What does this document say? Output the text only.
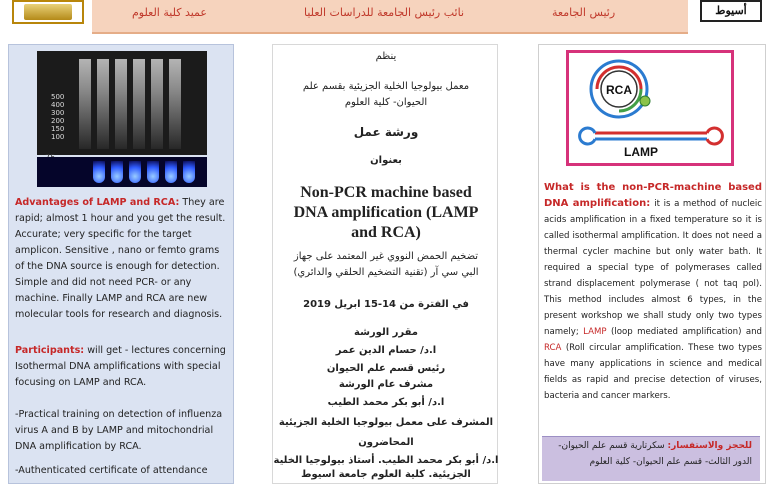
عميد كلية العلوم	نائب رئيس الجامعة للدراسات العليا	رئيس الجامعة	أسيوط
500
400
300
200
150
100
Advantages of LAMP and RCA: They are
rapid; almost 1 hour and you get the result.
Accurate; very specific for the target
amplicon. Sensitive , nano or femto grams
of the DNA source is enough for detection.
Simple and did not need PCR- or any
machine. Finally LAMP and RCA are new
molecular tools for research and diagnosis.
Participants: will get - lectures concerning
Isothermal DNA amplifications with special
focusing on LAMP and RCA.
-Practical training on detection of influenza
virus A and B by LAMP and mitochondrial
DNA amplification by RCA.
-Authenticated certificate of attendance
ينظم
معمل بيولوجيا الخلية الجزيئية بقسم علم
الحيوان- كلية العلوم
ورشة عمل
بعنوان
Non-PCR machine based
DNA amplification (LAMP
and RCA)
تضخيم الحمض النووي غير المعتمد على جهاز
البي سي آر (تقنية التضخيم الحلقي والدائري)
في الفترة من 14-15 ابريل 2019
مقرر الورشة
ا.د/ حسام الدين عمر
رئيس قسم علم الحيوان
مشرف عام الورشة
ا.د/ أبو بكر محمد الطيب
المشرف على معمل بيولوجيا الخلية الجزيئية
المحاضرون
ا.د/ أبو بكر محمد الطيب. أستاذ بيولوجيا الخلية
الجزيئية. كلية العلوم جامعة اسيوط
RCA
LAMP
What is the non-PCR-machine based DNA amplification: it is a method of nucleic acids amplification in a fixed temperature so it is called isothermal amplification. It does not need a thermal cycler machine but only water bath. It required a special type of polymerases called strand displacement polymerase ( not taq pol). This method includes almost 6 types, in the present workshop we shall study only two types namely; LAMP (loop mediated amplification) and RCA (Roll circular amplification. These two types have many applications in science and medical fields as rapid and precise detection of viruses, bacteria and cancer markers.
للحجز والاستفسار: سكرتارية قسم علم الحيوان-
الدور الثالث- قسم علم الحيوان- كلية العلوم
